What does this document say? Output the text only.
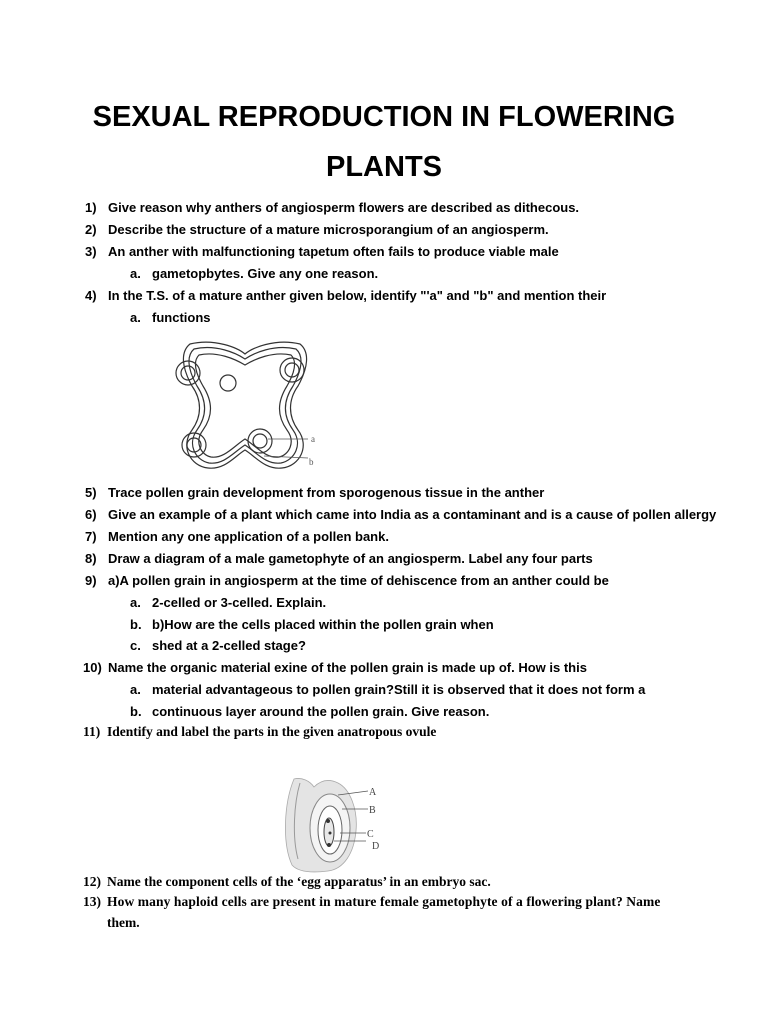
SEXUAL REPRODUCTION IN FLOWERING
PLANTS
1) Give reason why anthers of angiosperm flowers are described as dithecous.
2) Describe the structure of a mature microsporangium of an angiosperm.
3) An anther with malfunctioning tapetum often fails to produce viable male
a. gametopbytes. Give any one reason.
4) In the T.S. of a mature anther given below, identify "'a" and "b" and mention their
a. functions
a
b
5) Trace pollen grain development from sporogenous tissue in the anther
6) Give an example of a plant which came into India as a contaminant and is a cause of pollen allergy
7) Mention any one application of a pollen bank.
8) Draw a diagram of a male gametophyte of an angiosperm. Label any four parts
9) a)A pollen grain in angiosperm at the time of dehiscence from an anther could be
a. 2-celled or 3-celled. Explain.
b. b)How are the cells placed within the pollen grain when
c. shed at a 2-celled stage?
10) Name the organic material exine of the pollen grain is made up of. How is this
a. material advantageous to pollen grain?Still it is observed that it does not form a
b. continuous layer around the pollen grain. Give reason.
11) Identify and label the parts in the given anatropous ovule
A
B
C
D
12) Name the component cells of the ‘egg apparatus’ in an embryo sac.
13) How many haploid cells are present in mature female gametophyte of a flowering plant? Name
them.
